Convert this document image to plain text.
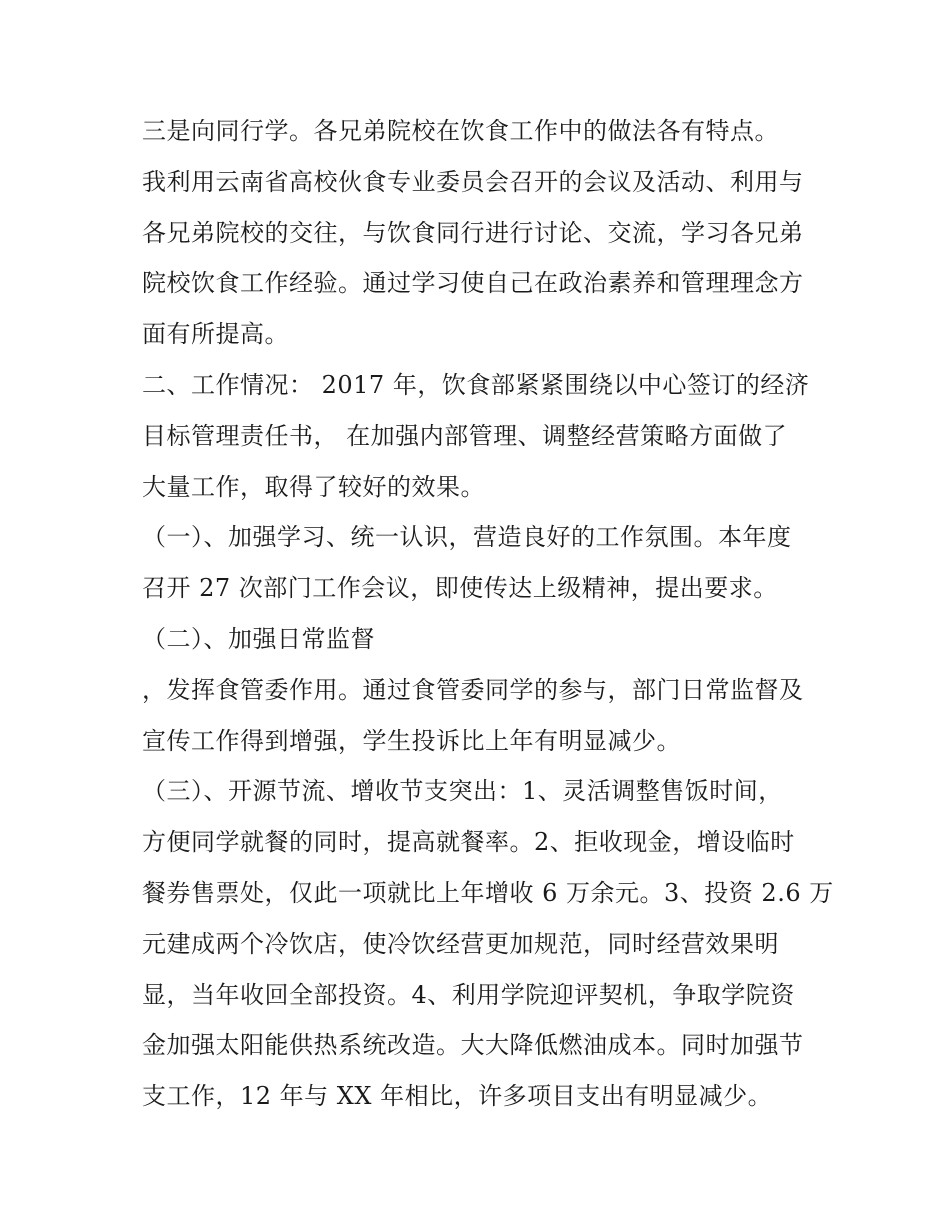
三是向同行学。各兄弟院校在饮食工作中的做法各有特点。
我利用云南省高校伙食专业委员会召开的会议及活动、利用与
各兄弟院校的交往，与饮食同行进行讨论、交流，学习各兄弟
院校饮食工作经验。通过学习使自己在政治素养和管理理念方
面有所提高。
二、工作情况： 2017 年，饮食部紧紧围绕以中心签订的经济
目标管理责任书， 在加强内部管理、调整经营策略方面做了
大量工作，取得了较好的效果。
（一）、加强学习、统一认识，营造良好的工作氛围。本年度
召开 27 次部门工作会议，即使传达上级精神，提出要求。
（二）、加强日常监督
，发挥食管委作用。通过食管委同学的参与，部门日常监督及
宣传工作得到增强，学生投诉比上年有明显减少。
（三）、开源节流、增收节支突出：1、灵活调整售饭时间，
方便同学就餐的同时，提高就餐率。2、拒收现金，增设临时
餐券售票处，仅此一项就比上年增收 6 万余元。3、投资 2.6 万
元建成两个冷饮店，使冷饮经营更加规范，同时经营效果明
显，当年收回全部投资。4、利用学院迎评契机，争取学院资
金加强太阳能供热系统改造。大大降低燃油成本。同时加强节
支工作，12 年与 XX 年相比，许多项目支出有明显减少。
